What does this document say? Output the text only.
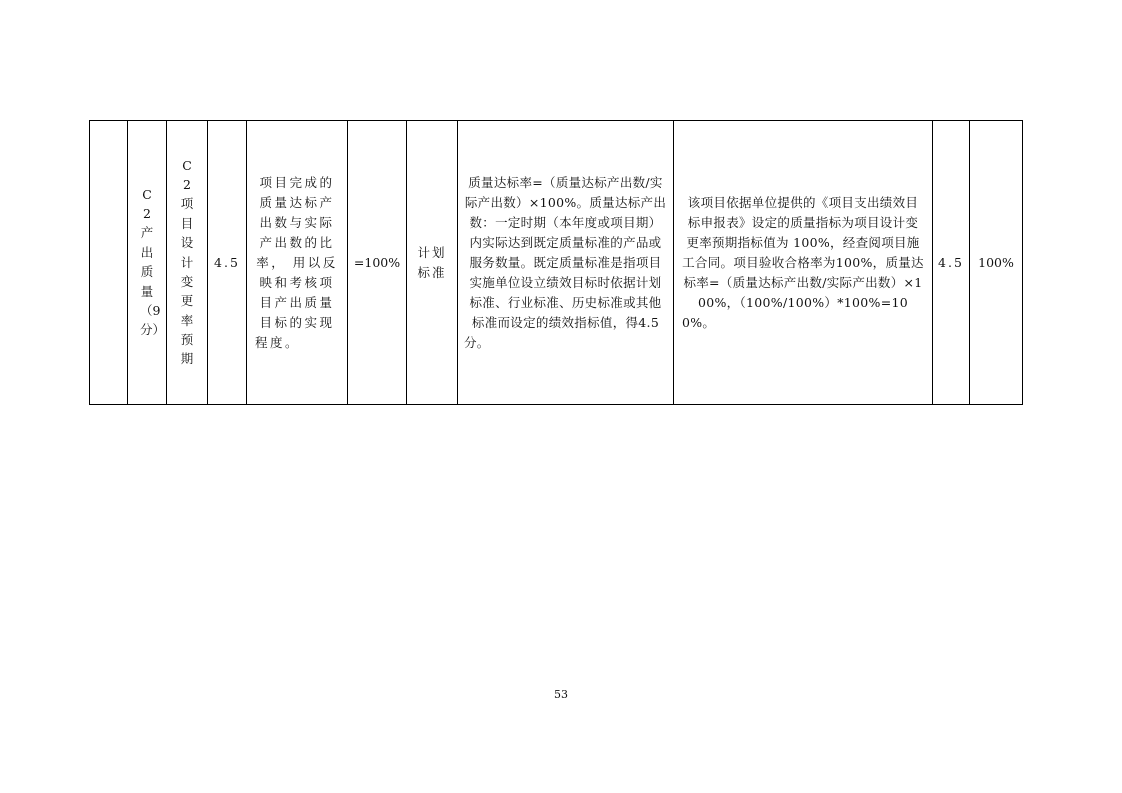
	C2产出质量（9分）	C2项目设计变更率预期	4.5	项目完成的质量达标产出数与实际产出数的比率， 用以反映和考核项目产出质量目标的实现程度。	=100%	计划标准	质量达标率=（质量达标产出数/实际产出数）×100%。质量达标产出数：一定时期（本年度或项目期）内实际达到既定质量标准的产品或服务数量。既定质量标准是指项目实施单位设立绩效目标时依据计划标准、行业标准、历史标准或其他标准而设定的绩效指标值，得4.5分。	该项目依据单位提供的《项目支出绩效目标申报表》设定的质量指标为项目设计变更率预期指标值为 100%，经查阅项目施工合同。项目验收合格率为100%，质量达标率=（质量达标产出数/实际产出数）×100%，（100%/100%）*100%=100%。	4.5	100%
53
